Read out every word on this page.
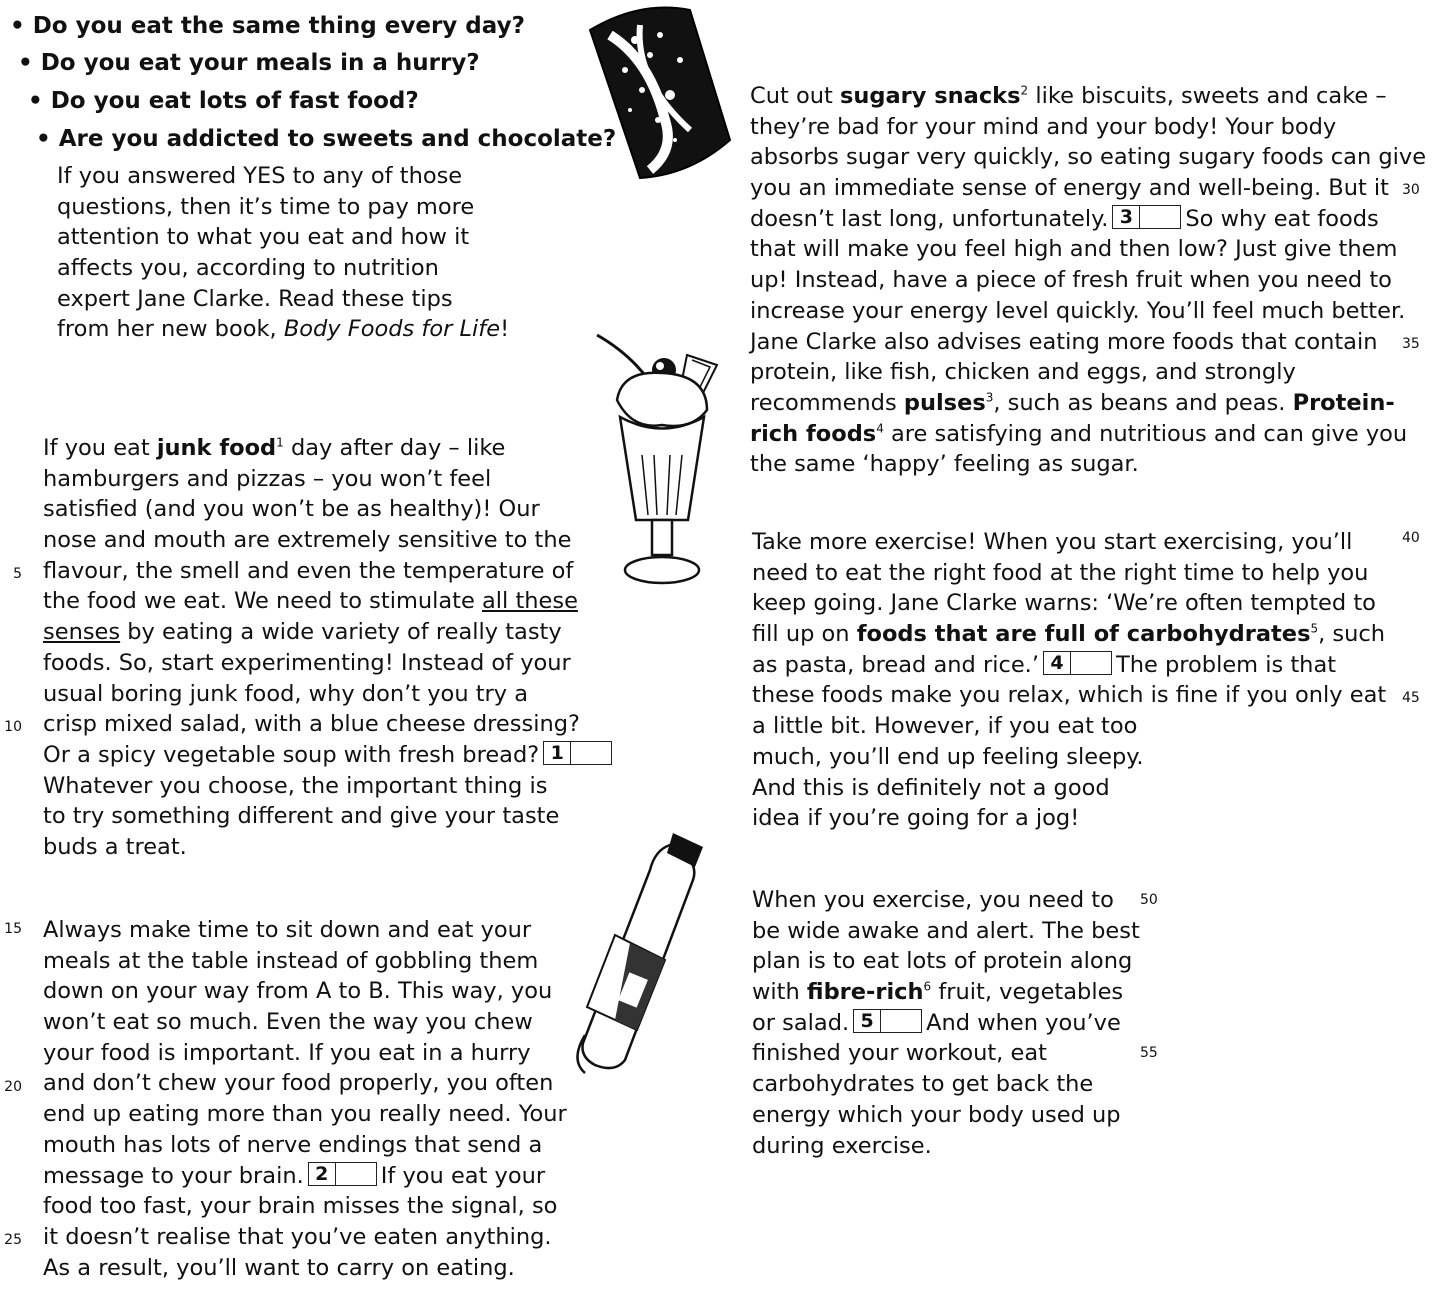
• Do you eat the same thing every day?
• Do you eat your meals in a hurry?
• Do you eat lots of fast food?
• Are you addicted to sweets and chocolate?
If you answered YES to any of those
questions, then it’s time to pay more
attention to what you eat and how it
affects you, according to nutrition
expert Jane Clarke. Read these tips
from her new book, Body Foods for Life!
If you eat junk food$^1$ day after day – like
hamburgers and pizzas – you won’t feel
satisfied (and you won’t be as healthy)! Our
nose and mouth are extremely sensitive to the
flavour, the smell and even the temperature of
the food we eat. We need to stimulate all these
senses by eating a wide variety of really tasty
foods. So, start experimenting! Instead of your
usual boring junk food, why don’t you try a
crisp mixed salad, with a blue cheese dressing?
Or a spicy vegetable soup with fresh bread? 1
Whatever you choose, the important thing is
to try something different and give your taste
buds a treat.
Always make time to sit down and eat your
meals at the table instead of gobbling them
down on your way from A to B. This way, you
won’t eat so much. Even the way you chew
your food is important. If you eat in a hurry
and don’t chew your food properly, you often
end up eating more than you really need. Your
mouth has lots of nerve endings that send a
message to your brain. 2 If you eat your
food too fast, your brain misses the signal, so
it doesn’t realise that you’ve eaten anything.
As a result, you’ll want to carry on eating.
Cut out sugary snacks$^2$ like biscuits, sweets and cake –
they’re bad for your mind and your body! Your body
absorbs sugar very quickly, so eating sugary foods can give
you an immediate sense of energy and well-being. But it
doesn’t last long, unfortunately. 3 So why eat foods
that will make you feel high and then low? Just give them
up! Instead, have a piece of fresh fruit when you need to
increase your energy level quickly. You’ll feel much better.
Jane Clarke also advises eating more foods that contain
protein, like fish, chicken and eggs, and strongly
recommends pulses$^3$, such as beans and peas. Protein-
rich foods$^4$ are satisfying and nutritious and can give you
the same ‘happy’ feeling as sugar.
Take more exercise! When you start exercising, you’ll
need to eat the right food at the right time to help you
keep going. Jane Clarke warns: ‘We’re often tempted to
fill up on foods that are full of carbohydrates$^5$, such
as pasta, bread and rice.’ 4 The problem is that
these foods make you relax, which is fine if you only eat
a little bit. However, if you eat too
much, you’ll end up feeling sleepy.
And this is definitely not a good
idea if you’re going for a jog!
When you exercise, you need to
be wide awake and alert. The best
plan is to eat lots of protein along
with fibre-rich$^6$ fruit, vegetables
or salad. 5 And when you’ve
finished your workout, eat
carbohydrates to get back the
energy which your body used up
during exercise.
5
10
15
20
25
30
35
40
45
50
55
